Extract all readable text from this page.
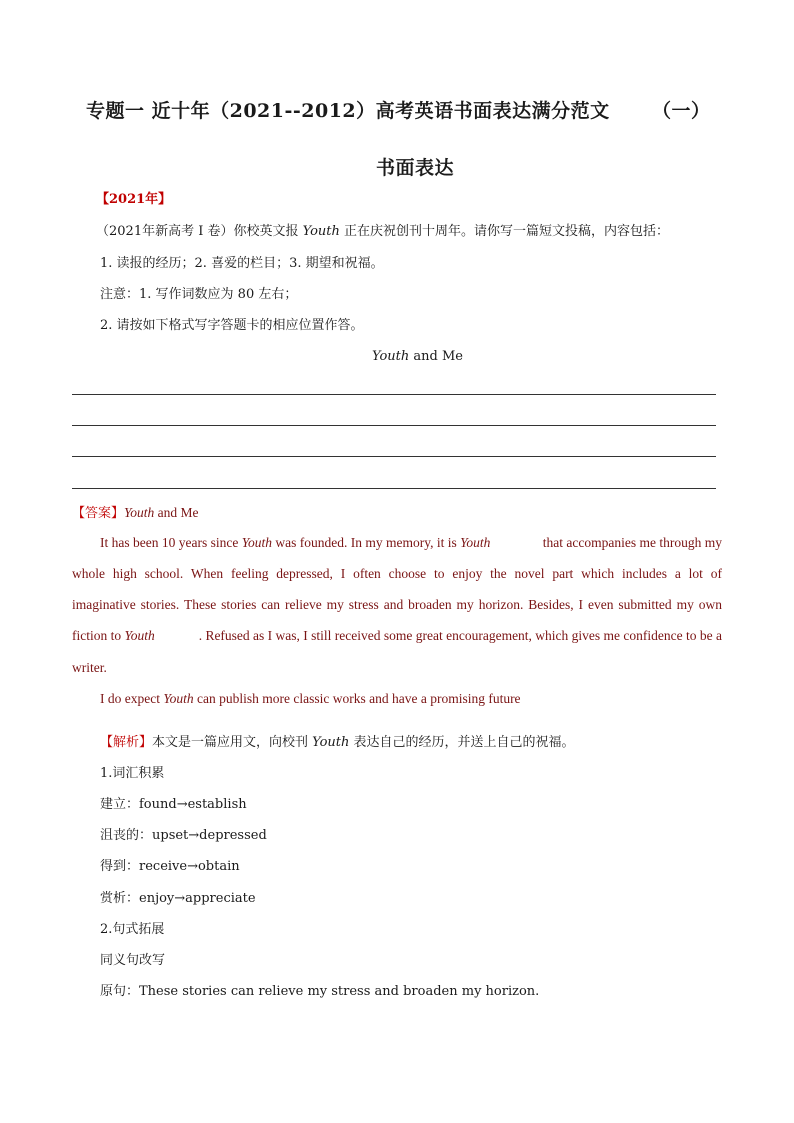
专题一 近十年（2021--2012）高考英语书面表达满分范文 （一）
书面表达
【2021年】
（2021年新高考 I 卷）你校英文报 Youth 正在庆祝创刊十周年。请你写一篇短文投稿，内容包括：
1. 读报的经历；2. 喜爱的栏目；3. 期望和祝福。
注意：1. 写作词数应为 80 左右；
2. 请按如下格式写字答题卡的相应位置作答。
Youth and Me
【答案】Youth and Me
It has been 10 years since Youth was founded. In my memory, it is Youth	that accompanies me through my
whole high school. When feeling depressed, I often choose to enjoy the novel part which includes a lot of
imaginative stories. These stories can relieve my stress and broaden my horizon. Besides, I even submitted my own
fiction to Youth	. Refused as I was, I still received some great encouragement, which gives me confidence to be a
writer.
I do expect Youth can publish more classic works and have a promising future
【解析】本文是一篇应用文，向校刊 Youth 表达自己的经历，并送上自己的祝福。
1.词汇积累
建立：found→establish
沮丧的：upset→depressed
得到：receive→obtain
赏析：enjoy→appreciate
2.句式拓展
同义句改写
原句：These stories can relieve my stress and broaden my horizon.
